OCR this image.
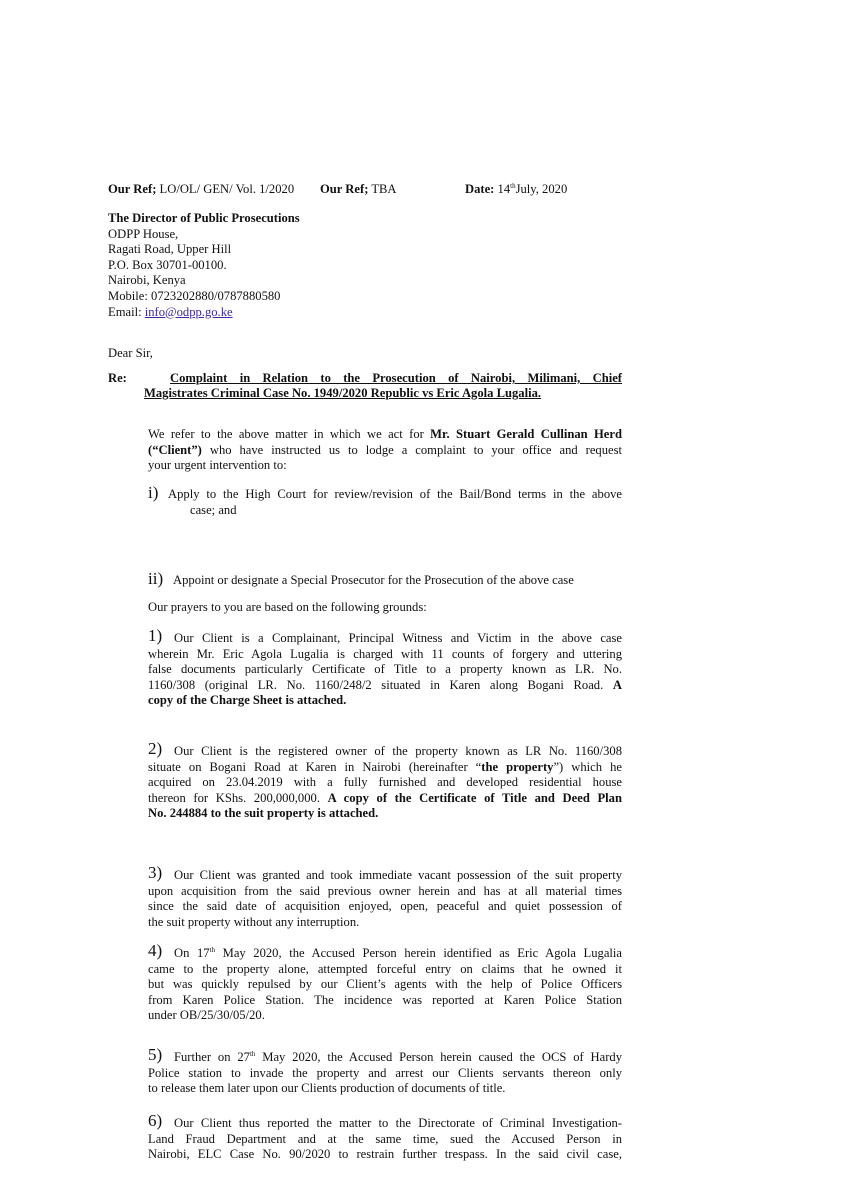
Our Ref; LO/OL/ GEN/ Vol. 1/2020 Our Ref; TBA	Date: 14thJuly, 2020
The Director of Public Prosecutions
ODPP House,
Ragati Road, Upper Hill
P.O. Box 30701-00100.
Nairobi, Kenya
Mobile: 0723202880/0787880580
Email: info@odpp.go.ke
Dear Sir,
Re:	Complaint in Relation to the Prosecution of Nairobi, Milimani, Chief
Magistrates Criminal Case No. 1949/2020 Republic vs Eric Agola Lugalia.
We refer to the above matter in which we act for Mr. Stuart Gerald Cullinan Herd
(“Client”) who have instructed us to lodge a complaint to your office and request
your urgent intervention to:
i) Apply to the High Court for review/revision of the Bail/Bond terms in the above
case; and
ii) Appoint or designate a Special Prosecutor for the Prosecution of the above case
Our prayers to you are based on the following grounds:
1) Our Client is a Complainant, Principal Witness and Victim in the above case
wherein Mr. Eric Agola Lugalia is charged with 11 counts of forgery and uttering
false documents particularly Certificate of Title to a property known as LR. No.
1160/308 (original LR. No. 1160/248/2 situated in Karen along Bogani Road. A
copy of the Charge Sheet is attached.
2) Our Client is the registered owner of the property known as LR No. 1160/308
situate on Bogani Road at Karen in Nairobi (hereinafter “the property”) which he
acquired on 23.04.2019 with a fully furnished and developed residential house
thereon for KShs. 200,000,000. A copy of the Certificate of Title and Deed Plan
No. 244884 to the suit property is attached.
3) Our Client was granted and took immediate vacant possession of the suit property
upon acquisition from the said previous owner herein and has at all material times
since the said date of acquisition enjoyed, open, peaceful and quiet possession of
the suit property without any interruption.
4) On 17th May 2020, the Accused Person herein identified as Eric Agola Lugalia
came to the property alone, attempted forceful entry on claims that he owned it
but was quickly repulsed by our Client’s agents with the help of Police Officers
from Karen Police Station. The incidence was reported at Karen Police Station
under OB/25/30/05/20.
5) Further on 27th May 2020, the Accused Person herein caused the OCS of Hardy
Police station to invade the property and arrest our Clients servants thereon only
to release them later upon our Clients production of documents of title.
6) Our Client thus reported the matter to the Directorate of Criminal Investigation-
Land Fraud Department and at the same time, sued the Accused Person in
Nairobi, ELC Case No. 90/2020 to restrain further trespass. In the said civil case,
